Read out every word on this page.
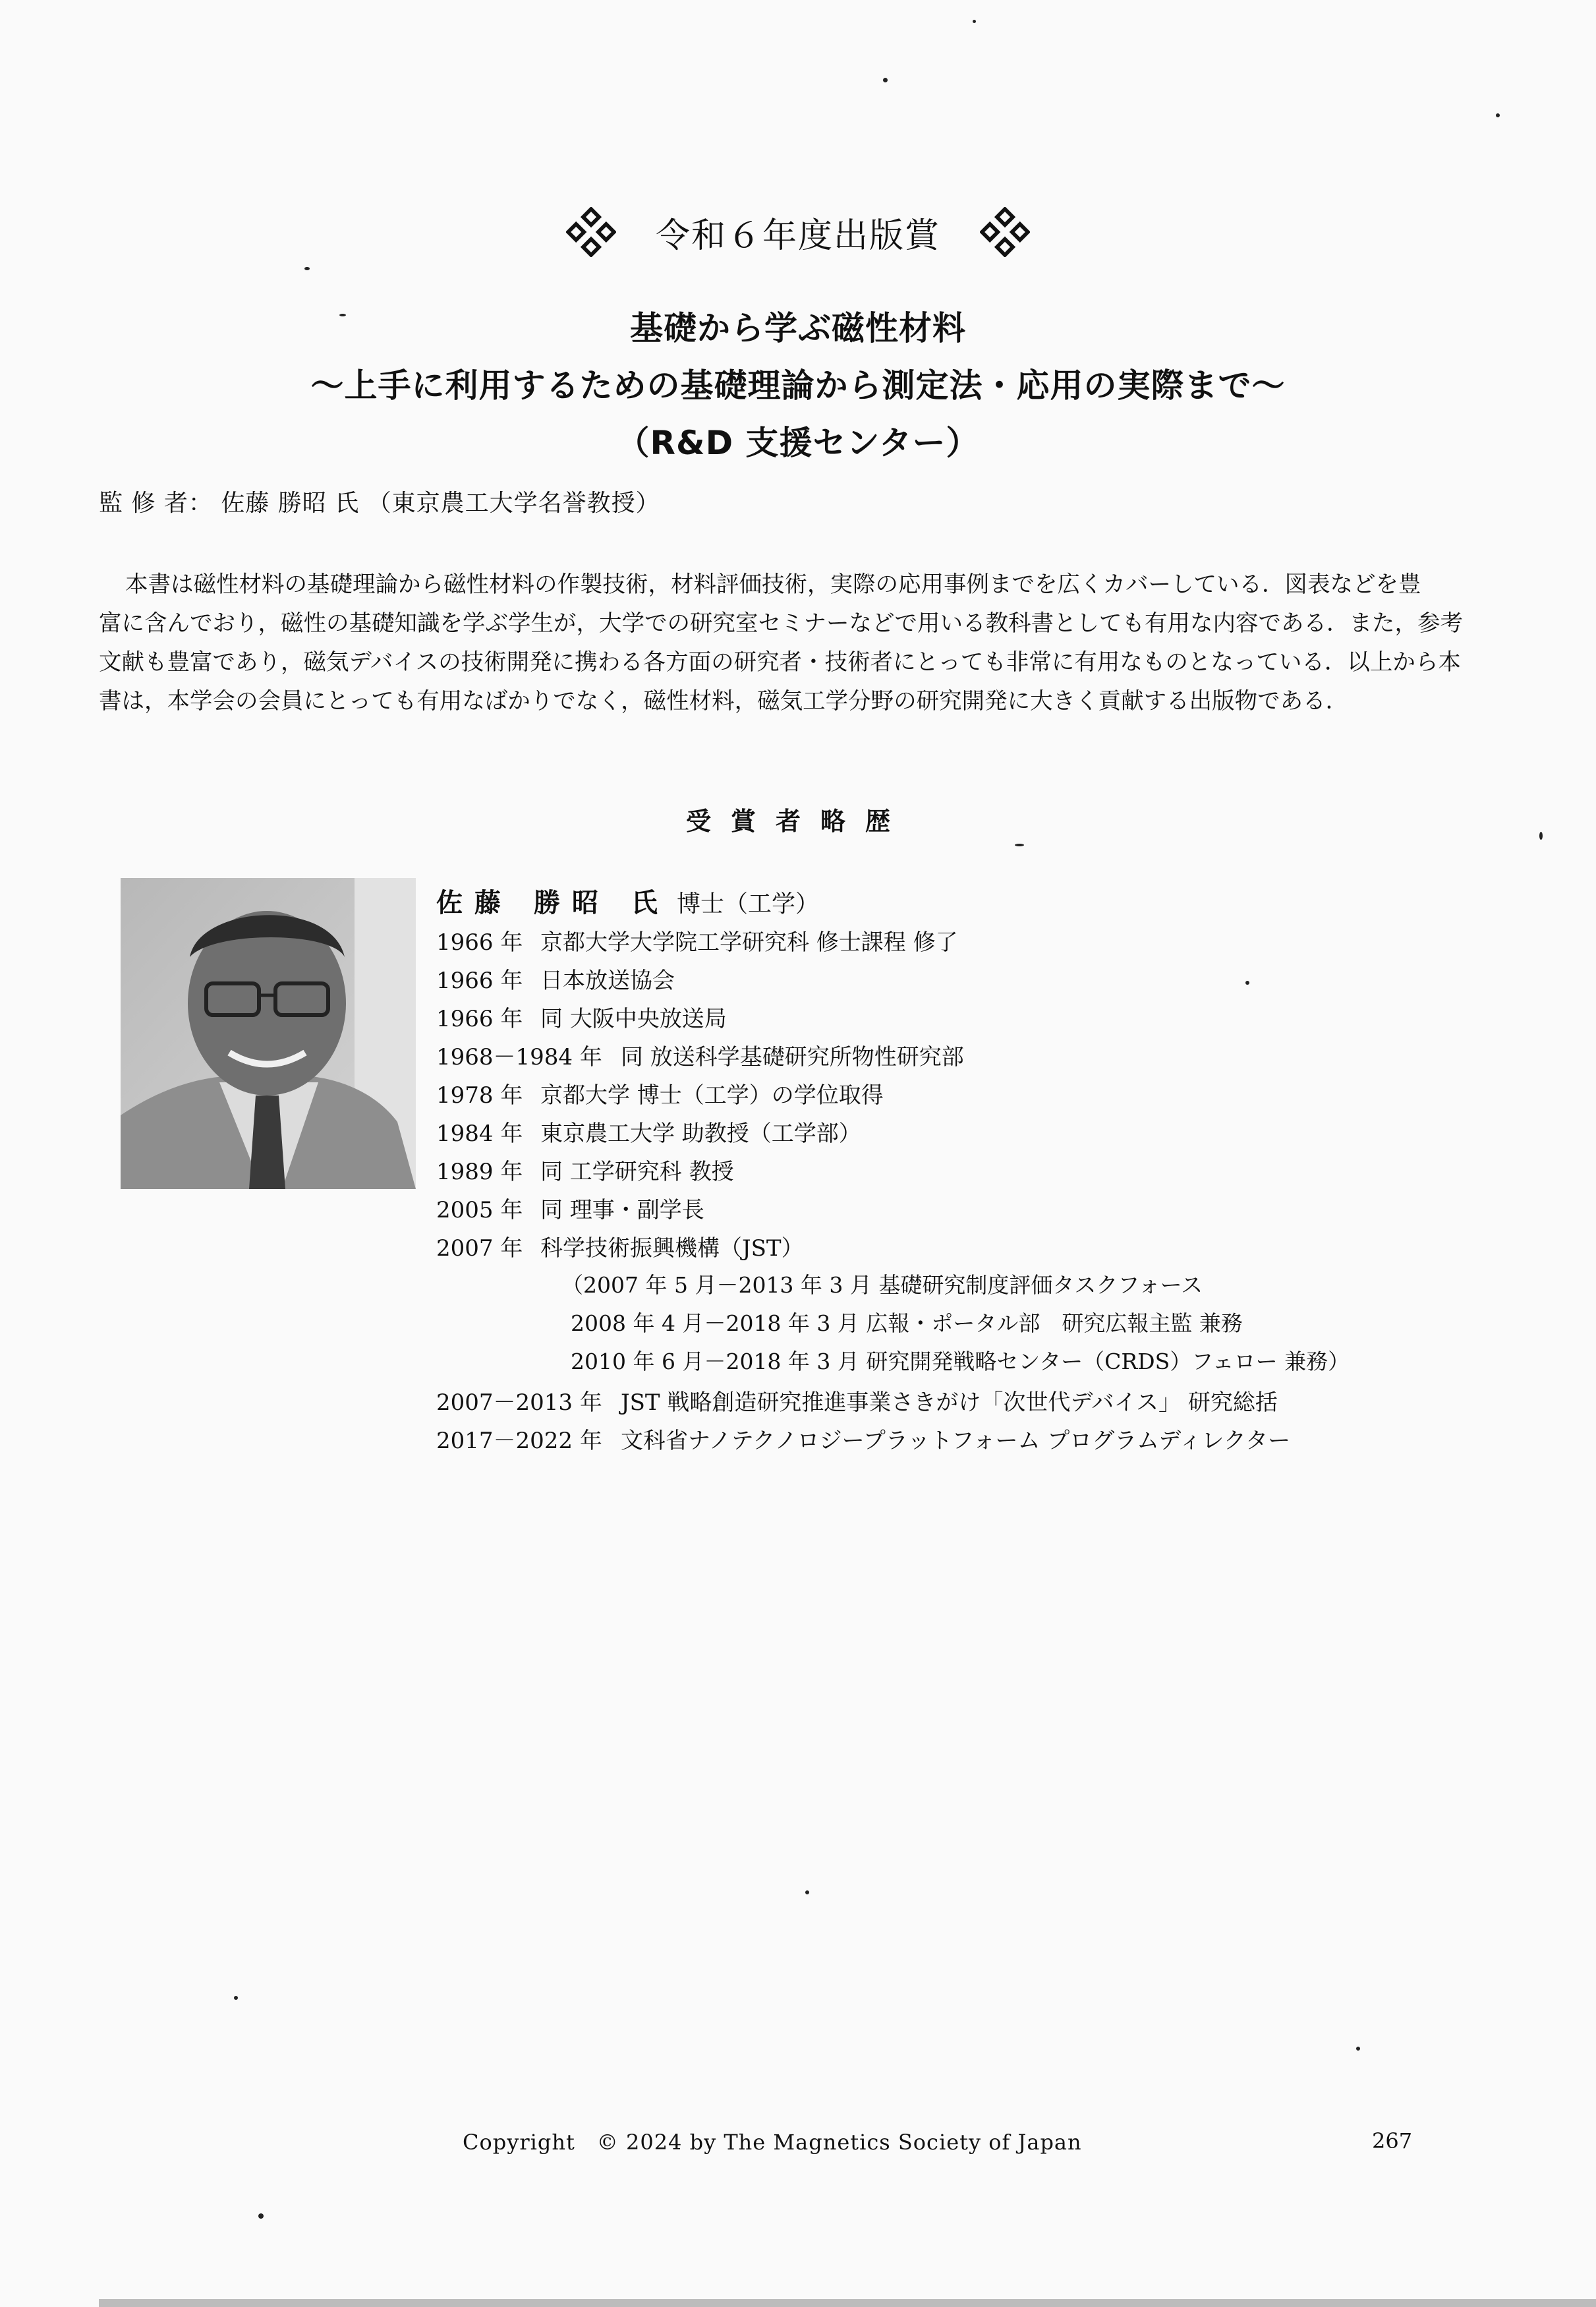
令和６年度出版賞
基礎から学ぶ磁性材料
～上手に利用するための基礎理論から測定法・応用の実際まで～
（R&D 支援センター）
監 修 者： 佐藤 勝昭 氏 （東京農工大学名誉教授）
本書は磁性材料の基礎理論から磁性材料の作製技術，材料評価技術，実際の応用事例までを広くカバーしている．図表などを豊
富に含んでおり，磁性の基礎知識を学ぶ学生が，大学での研究室セミナーなどで用いる教科書としても有用な内容である．また，参考
文献も豊富であり，磁気デバイスの技術開発に携わる各方面の研究者・技術者にとっても非常に有用なものとなっている．以上から本
書は，本学会の会員にとっても有用なばかりでなく，磁性材料，磁気工学分野の研究開発に大きく貢献する出版物である．
受賞者略歴
佐藤 勝昭 氏 博士（工学）
1966 年 京都大学大学院工学研究科 修士課程 修了
1966 年 日本放送協会
1966 年 同 大阪中央放送局
1968－1984 年 同 放送科学基礎研究所物性研究部
1978 年 京都大学 博士（工学）の学位取得
1984 年 東京農工大学 助教授（工学部）
1989 年 同 工学研究科 教授
2005 年 同 理事・副学長
2007 年 科学技術振興機構（JST）
（2007 年 5 月－2013 年 3 月 基礎研究制度評価タスクフォース
2008 年 4 月－2018 年 3 月 広報・ポータル部　研究広報主監 兼務
2010 年 6 月－2018 年 3 月 研究開発戦略センター（CRDS）フェロー 兼務）
2007－2013 年 JST 戦略創造研究推進事業さきがけ「次世代デバイス」 研究総括
2017－2022 年 文科省ナノテクノロジープラットフォーム プログラムディレクター
Copyright　© 2024 by The Magnetics Society of Japan	267
